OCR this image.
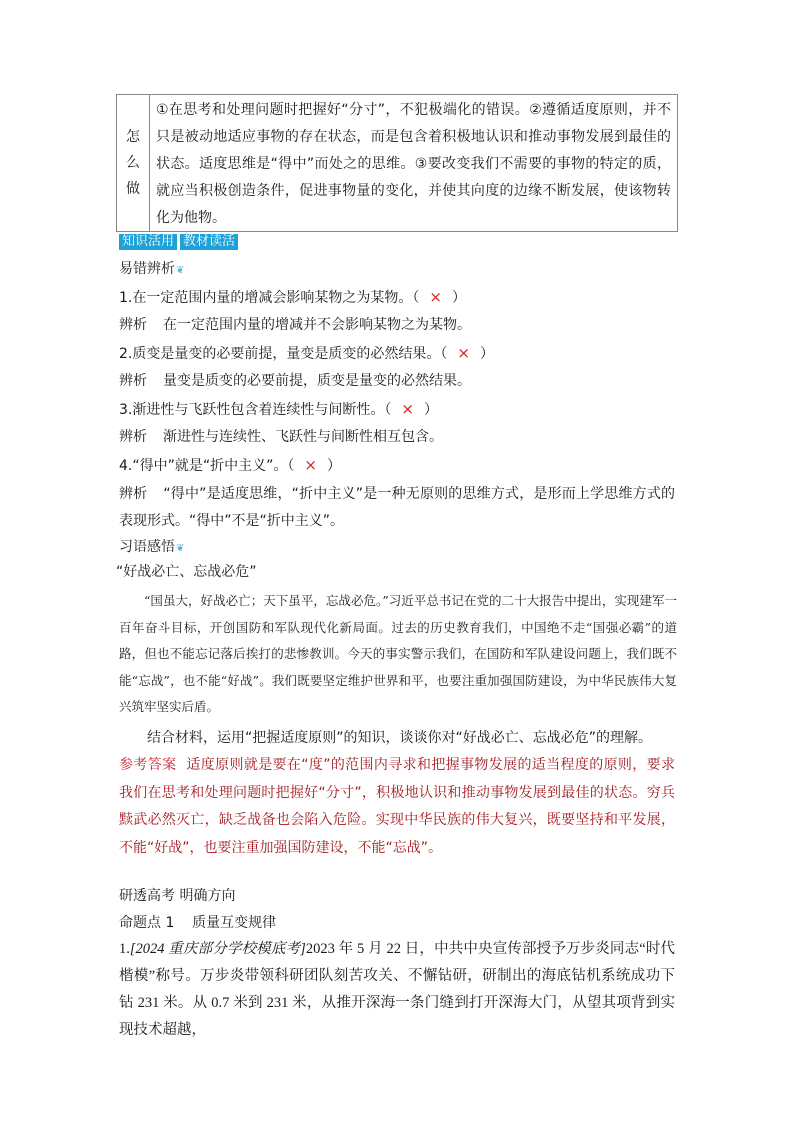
怎
么
做
①在思考和处理问题时把握好“分寸”，不犯极端化的错误。②遵循适度原则，并不只是被动地适应事物的存在状态，而是包含着积极地认识和推动事物发展到最佳的状态。适度思维是“得中”而处之的思维。③要改变我们不需要的事物的特定的质，就应当积极创造条件，促进事物量的变化，并使其向度的边缘不断发展，使该物转化为他物。
知识活用 教材读活
易错辨析❦
1.在一定范围内量的增减会影响某物之为某物。（ × ）
辨析 在一定范围内量的增减并不会影响某物之为某物。
2.质变是量变的必要前提，量变是质变的必然结果。（ × ）
辨析 量变是质变的必要前提，质变是量变的必然结果。
3.渐进性与飞跃性包含着连续性与间断性。（ × ）
辨析 渐进性与连续性、飞跃性与间断性相互包含。
4.“得中”就是“折中主义”。（ × ）
辨析 “得中”是适度思维，“折中主义”是一种无原则的思维方式，是形而上学思维方式的表现形式。“得中”不是“折中主义”。
习语感悟❦
“好战必亡、忘战必危”
“国虽大，好战必亡；天下虽平，忘战必危。”习近平总书记在党的二十大报告中提出，实现建军一百年奋斗目标，开创国防和军队现代化新局面。过去的历史教育我们，中国绝不走“国强必霸”的道路，但也不能忘记落后挨打的悲惨教训。今天的事实警示我们，在国防和军队建设问题上，我们既不能“忘战”，也不能“好战”。我们既要坚定维护世界和平，也要注重加强国防建设，为中华民族伟大复兴筑牢坚实后盾。
结合材料，运用“把握适度原则”的知识，谈谈你对“好战必亡、忘战必危”的理解。
参考答案 适度原则就是要在“度”的范围内寻求和把握事物发展的适当程度的原则，要求我们在思考和处理问题时把握好“分寸”，积极地认识和推动事物发展到最佳的状态。穷兵黩武必然灭亡，缺乏战备也会陷入危险。实现中华民族的伟大复兴，既要坚持和平发展，不能“好战”，也要注重加强国防建设，不能“忘战”。
研透高考 明确方向
命题点 1    质量互变规律
1.[2024 重庆部分学校模底考]2023 年 5 月 22 日，中共中央宣传部授予万步炎同志“时代楷模”称号。万步炎带领科研团队刻苦攻关、不懈钻研，研制出的海底钻机系统成功下钻 231 米。从 0.7 米到 231 米，从推开深海一条门缝到打开深海大门，从望其项背到实现技术超越，
